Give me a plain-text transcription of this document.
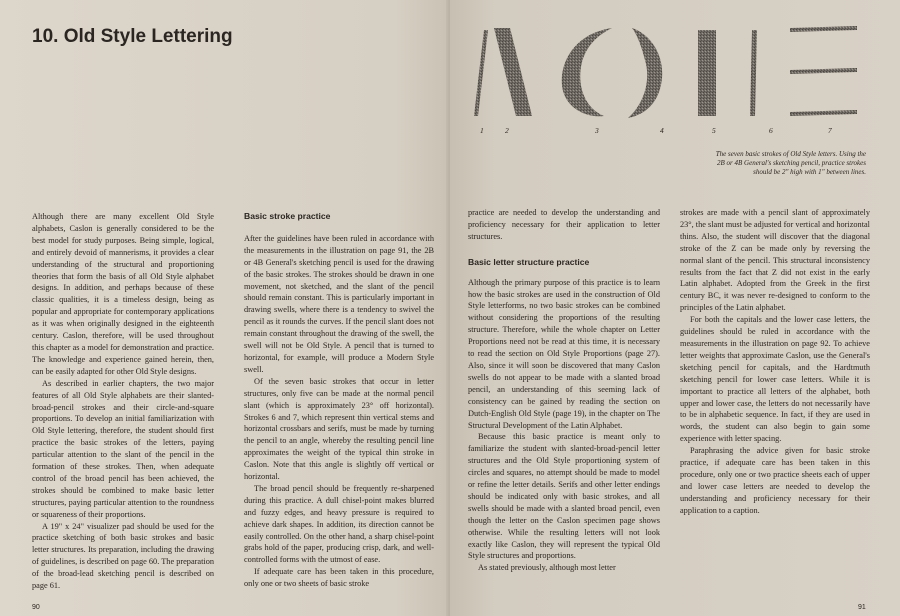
10. Old Style Lettering

Although there are many excellent Old Style alphabets, Caslon is generally considered to be the best model for study purposes. Being simple, logical, and entirely devoid of mannerisms, it provides a clear understanding of the structural and proportioning theories that form the basis of all Old Style alphabet designs. In addition, and perhaps because of these classic qualities, it is a timeless design, being as popular and appropriate for contemporary applications as it was when originally designed in the eighteenth century. Caslon, therefore, will be used throughout this chapter as a model for demonstration and practice. The knowledge and experience gained herein, then, can be easily adapted for other Old Style designs.

As described in earlier chapters, the two major features of all Old Style alphabets are their slanted-broad-pencil strokes and their circle-and-square proportions. To develop an initial familiarization with Old Style lettering, therefore, the student should first practice the basic strokes of the letters, paying particular attention to the slant of the pencil in the formation of these strokes. Then, when adequate control of the broad pencil has been achieved, the strokes should be combined to make basic letter structures, paying particular attention to the roundness or squareness of their proportions.

A 19" x 24" visualizer pad should be used for the practice sketching of both basic strokes and basic letter structures. Its preparation, including the drawing of guidelines, is described on page 60. The preparation of the broad-lead sketching pencil is described on page 61.

Basic stroke practice

After the guidelines have been ruled in accordance with the measurements in the illustration on page 91, the 2B or 4B General's sketching pencil is used for the drawing of the basic strokes. The strokes should be drawn in one movement, not sketched, and the slant of the pencil should remain constant. This is particularly important in drawing swells, where there is a tendency to swivel the pencil as it rounds the curves. If the pencil slant does not remain constant throughout the drawing of the swell, the swell will not be Old Style. A pencil that is turned to horizontal, for example, will produce a Modern Style swell.

Of the seven basic strokes that occur in letter structures, only five can be made at the normal pencil slant (which is approximately 23° off horizontal). Strokes 6 and 7, which represent thin vertical stems and horizontal crossbars and serifs, must be made by turning the pencil to an angle, whereby the resulting pencil line approximates the weight of the typical thin stroke in Caslon. Note that this angle is slightly off vertical or horizontal.

The broad pencil should be frequently re-sharpened during this practice. A dull chisel-point makes blurred and fuzzy edges, and heavy pressure is required to achieve dark shapes. In addition, its direction cannot be easily controlled. On the other hand, a sharp chisel-point grabs hold of the paper, producing crisp, dark, and well-controlled forms with the utmost of ease.

If adequate care has been taken in this procedure, only one or two sheets of basic stroke

90
1	2	3	4	5	6	7
The seven basic strokes of Old Style letters. Using the 2B or 4B General's sketching pencil, practice strokes should be 2" high with 1" between lines.

practice are needed to develop the understanding and proficiency necessary for their application to letter structures.

Basic letter structure practice

Although the primary purpose of this practice is to learn how the basic strokes are used in the construction of Old Style letterforms, no two basic strokes can be combined without considering the proportions of the resulting structure. Therefore, while the whole chapter on Letter Proportions need not be read at this time, it is necessary to read the section on Old Style Proportions (page 27). Also, since it will soon be discovered that many Caslon swells do not appear to be made with a slanted broad pencil, an understanding of this seeming lack of consistency can be gained by reading the section on Dutch-English Old Style (page 19), in the chapter on The Structural Development of the Latin Alphabet.

Because this basic practice is meant only to familiarize the student with slanted-broad-pencil letter structures and the Old Style proportioning system of circles and squares, no attempt should be made to model or refine the letter details. Serifs and other letter endings should be indicated only with basic strokes, and all swells should be made with a slanted broad pencil, even though the letter on the Caslon specimen page shows otherwise. While the resulting letters will not look exactly like Caslon, they will represent the typical Old Style structures and proportions.

As stated previously, although most letter

strokes are made with a pencil slant of approximately 23°, the slant must be adjusted for vertical and horizontal thins. Also, the student will discover that the diagonal stroke of the Z can be made only by reversing the normal slant of the pencil. This structural inconsistency results from the fact that Z did not exist in the early Latin alphabet. Adopted from the Greek in the first century BC, it was never re-designed to conform to the principles of the Latin alphabet.

For both the capitals and the lower case letters, the guidelines should be ruled in accordance with the measurements in the illustration on page 92. To achieve letter weights that approximate Caslon, use the General's sketching pencil for capitals, and the Hardtmuth sketching pencil for lower case letters. While it is important to practice all letters of the alphabet, both upper and lower case, the letters do not necessarily have to be in alphabetic sequence. In fact, if they are used in words, the student can also begin to gain some experience with letter spacing.

Paraphrasing the advice given for basic stroke practice, if adequate care has been taken in this procedure, only one or two practice sheets each of upper and lower case letters are needed to develop the understanding and proficiency necessary for their application to a caption.

91
